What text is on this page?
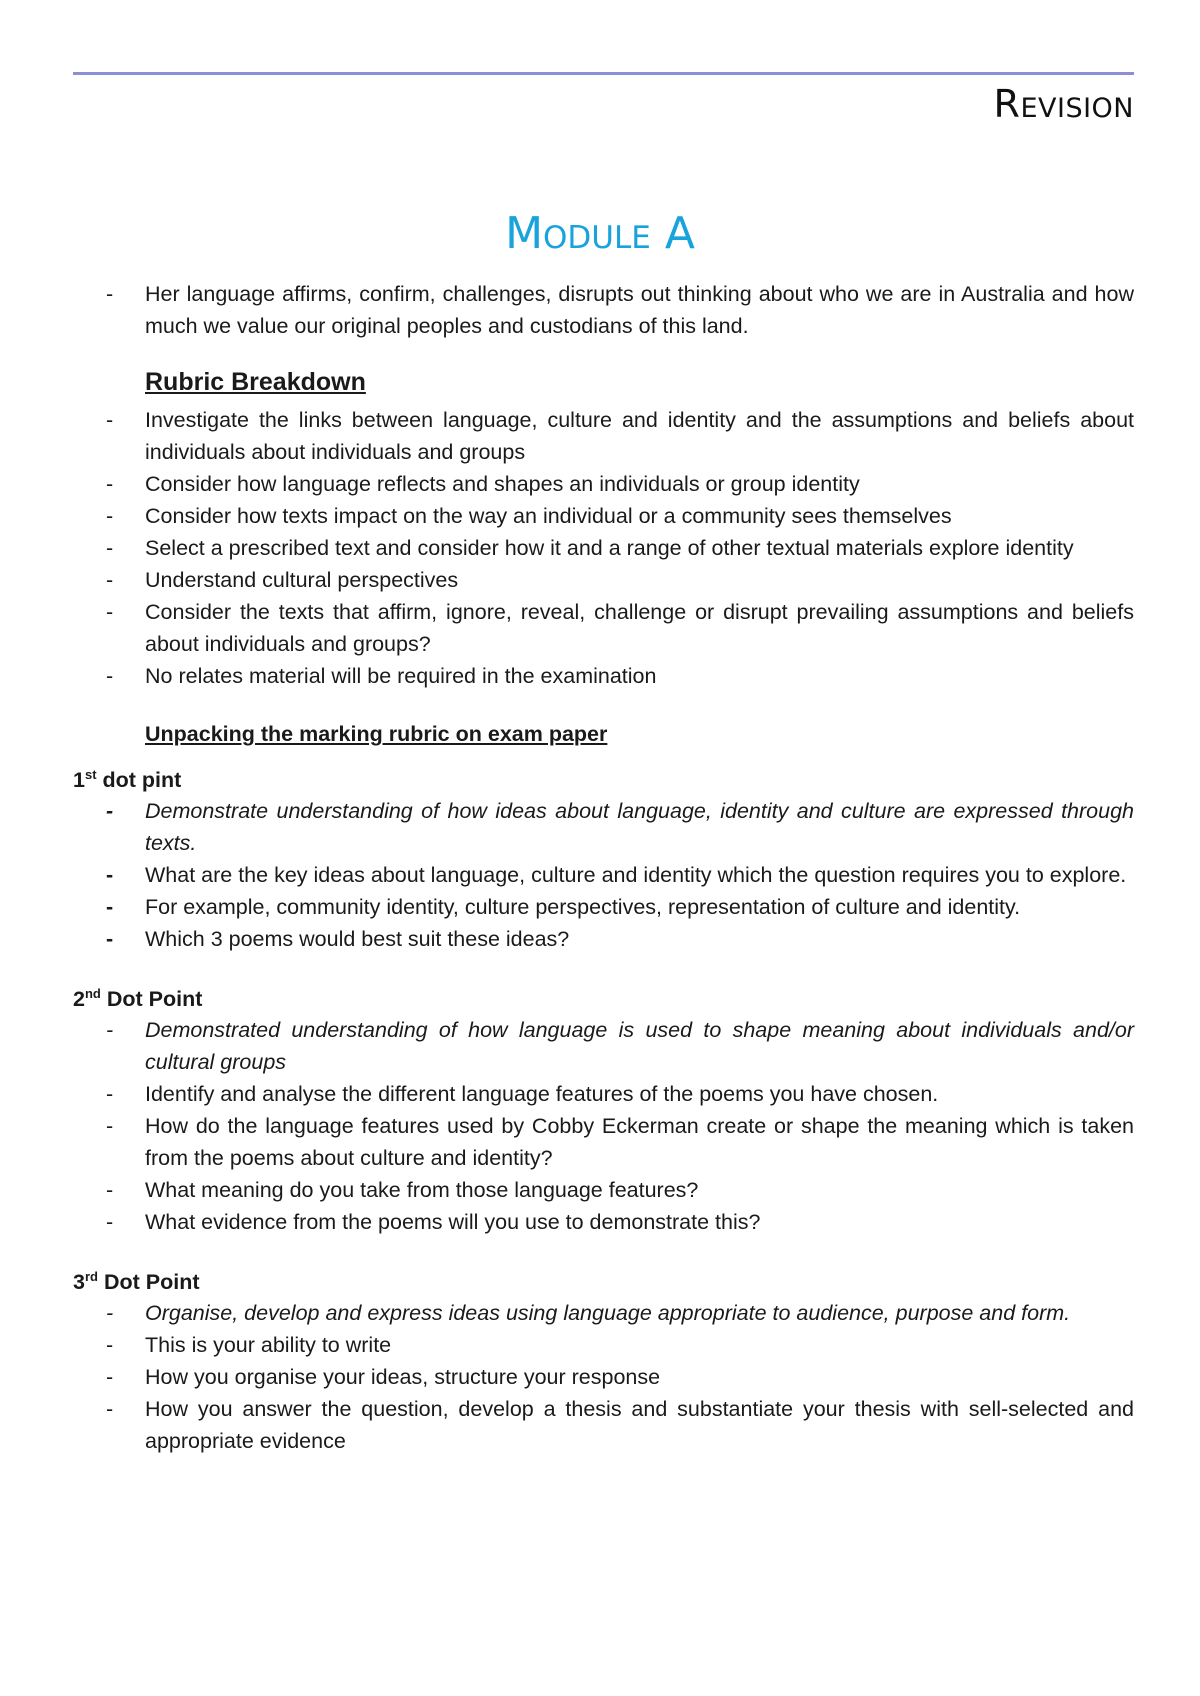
Revision
Module A
- Her language affirms, confirm, challenges, disrupts out thinking about who we are in Australia and how much we value our original peoples and custodians of this land.
Rubric Breakdown
- Investigate the links between language, culture and identity and the assumptions and beliefs about individuals about individuals and groups
- Consider how language reflects and shapes an individuals or group identity
- Consider how texts impact on the way an individual or a community sees themselves
- Select a prescribed text and consider how it and a range of other textual materials explore identity
- Understand cultural perspectives
- Consider the texts that affirm, ignore, reveal, challenge or disrupt prevailing assumptions and beliefs about individuals and groups?
- No relates material will be required in the examination
Unpacking the marking rubric on exam paper
1st dot pint
- Demonstrate understanding of how ideas about language, identity and culture are expressed through texts.
- What are the key ideas about language, culture and identity which the question requires you to explore.
- For example, community identity, culture perspectives, representation of culture and identity.
- Which 3 poems would best suit these ideas?
2nd Dot Point
- Demonstrated understanding of how language is used to shape meaning about individuals and/or cultural groups
- Identify and analyse the different language features of the poems you have chosen.
- How do the language features used by Cobby Eckerman create or shape the meaning which is taken from the poems about culture and identity?
- What meaning do you take from those language features?
- What evidence from the poems will you use to demonstrate this?
3rd Dot Point
- Organise, develop and express ideas using language appropriate to audience, purpose and form.
- This is your ability to write
- How you organise your ideas, structure your response
- How you answer the question, develop a thesis and substantiate your thesis with sell-selected and appropriate evidence
